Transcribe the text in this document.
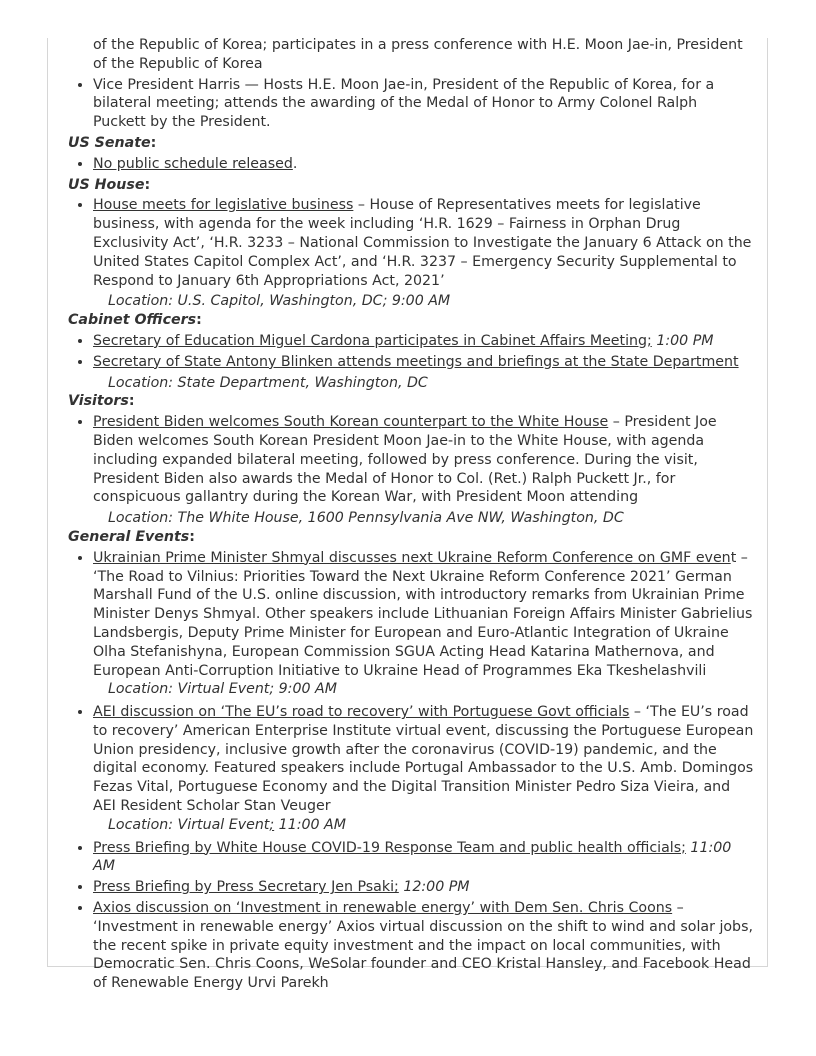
of the Republic of Korea; participates in a press conference with H.E. Moon Jae-in, President of the Republic of Korea
• Vice President Harris — Hosts H.E. Moon Jae-in, President of the Republic of Korea, for a bilateral meeting; attends the awarding of the Medal of Honor to Army Colonel Ralph Puckett by the President.
US Senate:
• No public schedule released.
US House:
• House meets for legislative business – House of Representatives meets for legislative business, with agenda for the week including ‘H.R. 1629 – Fairness in Orphan Drug Exclusivity Act’, ‘H.R. 3233 – National Commission to Investigate the January 6 Attack on the United States Capitol Complex Act’, and ‘H.R. 3237 – Emergency Security Supplemental to Respond to January 6th Appropriations Act, 2021’
Location: U.S. Capitol, Washington, DC; 9:00 AM
Cabinet Officers:
• Secretary of Education Miguel Cardona participates in Cabinet Affairs Meeting; 1:00 PM
• Secretary of State Antony Blinken attends meetings and briefings at the State Department
Location: State Department, Washington, DC
Visitors:
• President Biden welcomes South Korean counterpart to the White House – President Joe Biden welcomes South Korean President Moon Jae-in to the White House, with agenda including expanded bilateral meeting, followed by press conference. During the visit, President Biden also awards the Medal of Honor to Col. (Ret.) Ralph Puckett Jr., for conspicuous gallantry during the Korean War, with President Moon attending
Location: The White House, 1600 Pennsylvania Ave NW, Washington, DC
General Events:
• Ukrainian Prime Minister Shmyal discusses next Ukraine Reform Conference on GMF event – ‘The Road to Vilnius: Priorities Toward the Next Ukraine Reform Conference 2021’ German Marshall Fund of the U.S. online discussion, with introductory remarks from Ukrainian Prime Minister Denys Shmyal. Other speakers include Lithuanian Foreign Affairs Minister Gabrielius Landsbergis, Deputy Prime Minister for European and Euro-Atlantic Integration of Ukraine Olha Stefanishyna, European Commission SGUA Acting Head Katarina Mathernova, and European Anti-Corruption Initiative to Ukraine Head of Programmes Eka Tkeshelashvili
Location: Virtual Event; 9:00 AM
• AEI discussion on ‘The EU’s road to recovery’ with Portuguese Govt officials – ‘The EU’s road to recovery’ American Enterprise Institute virtual event, discussing the Portuguese European Union presidency, inclusive growth after the coronavirus (COVID-19) pandemic, and the digital economy. Featured speakers include Portugal Ambassador to the U.S. Amb. Domingos Fezas Vital, Portuguese Economy and the Digital Transition Minister Pedro Siza Vieira, and AEI Resident Scholar Stan Veuger
Location: Virtual Event; 11:00 AM
• Press Briefing by White House COVID-19 Response Team and public health officials; 11:00 AM
• Press Briefing by Press Secretary Jen Psaki; 12:00 PM
• Axios discussion on ‘Investment in renewable energy’ with Dem Sen. Chris Coons – ‘Investment in renewable energy’ Axios virtual discussion on the shift to wind and solar jobs, the recent spike in private equity investment and the impact on local communities, with Democratic Sen. Chris Coons, WeSolar founder and CEO Kristal Hansley, and Facebook Head of Renewable Energy Urvi Parekh
